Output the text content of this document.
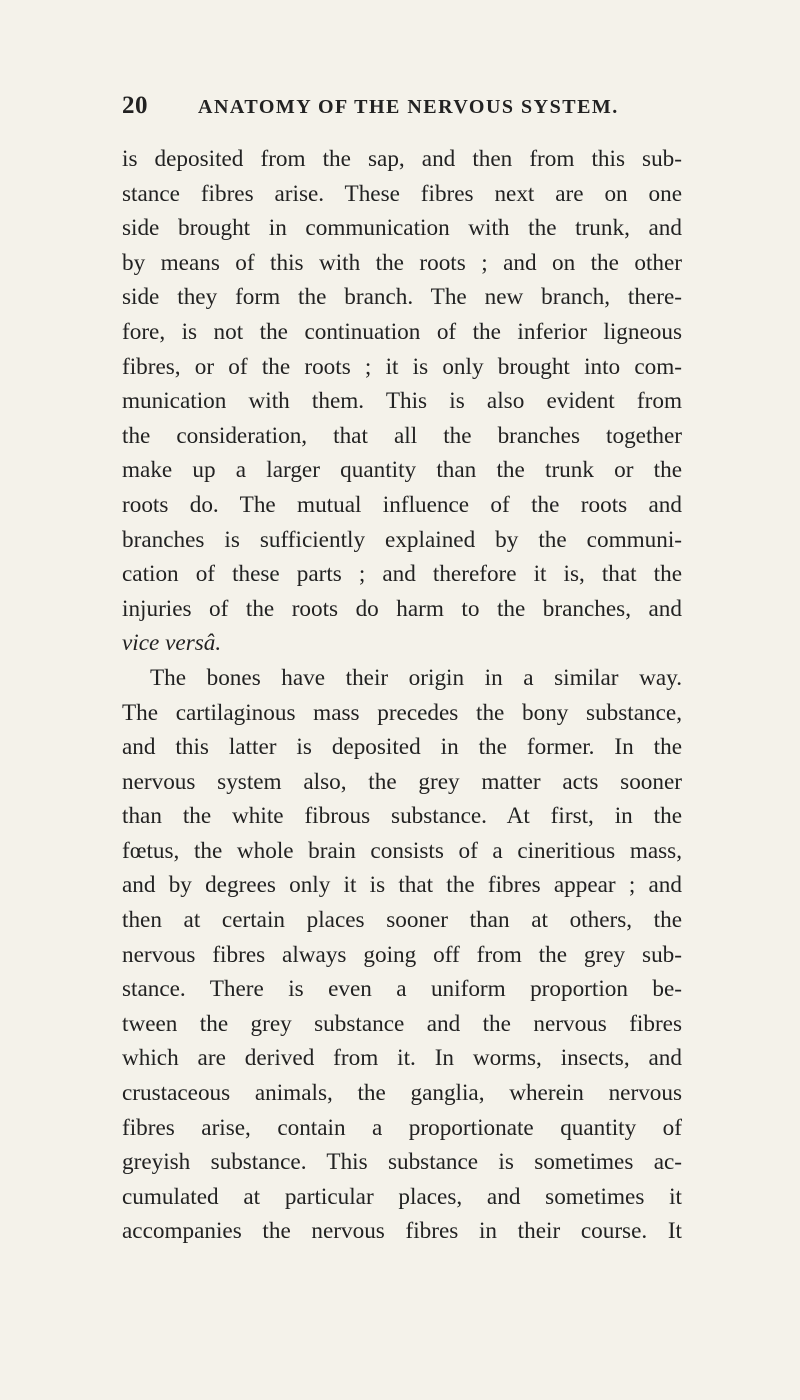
20	ANATOMY OF THE NERVOUS SYSTEM.
is deposited from the sap, and then from this sub-
stance fibres arise. These fibres next are on one
side brought in communication with the trunk, and
by means of this with the roots ; and on the other
side they form the branch. The new branch, there-
fore, is not the continuation of the inferior ligneous
fibres, or of the roots ; it is only brought into com-
munication with them. This is also evident from
the consideration, that all the branches together
make up a larger quantity than the trunk or the
roots do. The mutual influence of the roots and
branches is sufficiently explained by the communi-
cation of these parts ; and therefore it is, that the
injuries of the roots do harm to the branches, and
vice versâ.
The bones have their origin in a similar way.
The cartilaginous mass precedes the bony substance,
and this latter is deposited in the former. In the
nervous system also, the grey matter acts sooner
than the white fibrous substance. At first, in the
fœtus, the whole brain consists of a cineritious mass,
and by degrees only it is that the fibres appear ; and
then at certain places sooner than at others, the
nervous fibres always going off from the grey sub-
stance. There is even a uniform proportion be-
tween the grey substance and the nervous fibres
which are derived from it. In worms, insects, and
crustaceous animals, the ganglia, wherein nervous
fibres arise, contain a proportionate quantity of
greyish substance. This substance is sometimes ac-
cumulated at particular places, and sometimes it
accompanies the nervous fibres in their course. It
